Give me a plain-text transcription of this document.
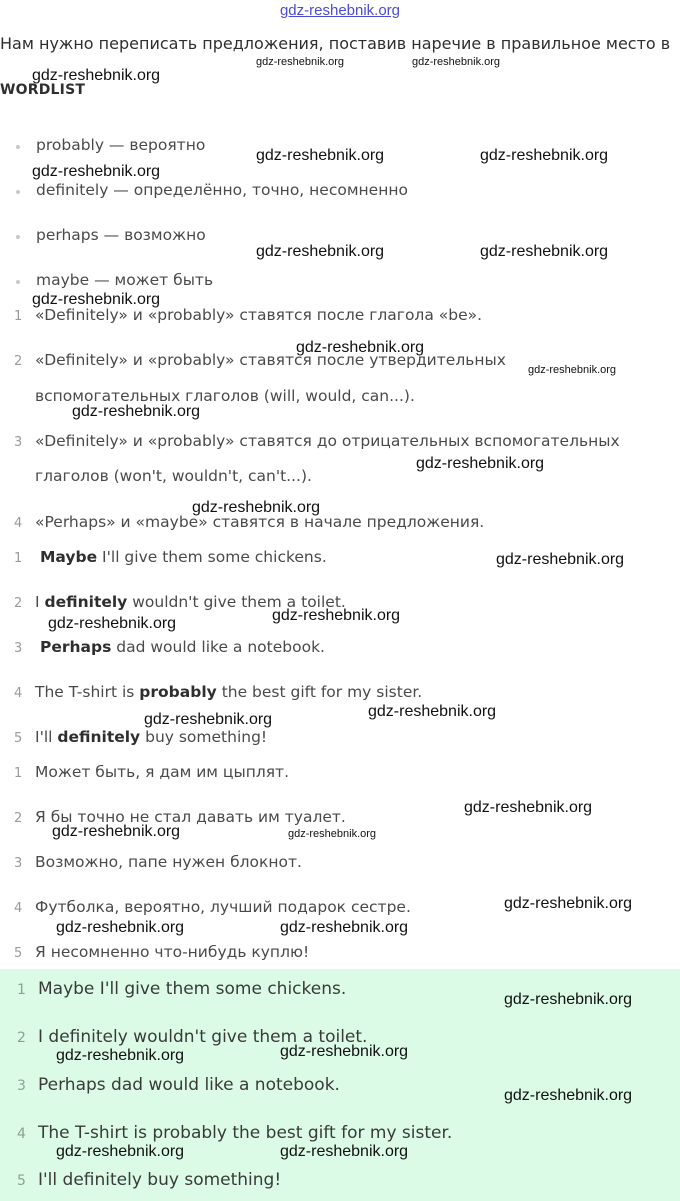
gdz-reshebnik.org
Нам нужно переписать предложения, поставив наречие в правильное место в
WORDLIST
probably — вероятно
definitely — определённо, точно, несомненно
perhaps — возможно
maybe — может быть
1 «Definitely» и «probably» ставятся после глагола «be».
2 «Definitely» и «probably» ставятся после утвердительных
вспомогательных глаголов (will, would, can...).
3 «Definitely» и «probably» ставятся до отрицательных вспомогательных
глаголов (won't, wouldn't, can't...).
4 «Perhaps» и «maybe» ставятся в начале предложения.
1 Maybe I'll give them some chickens.
2 I definitely wouldn't give them a toilet.
3 Perhaps dad would like a notebook.
4 The T-shirt is probably the best gift for my sister.
5 I'll definitely buy something!
1 Может быть, я дам им цыплят.
2 Я бы точно не стал давать им туалет.
3 Возможно, папе нужен блокнот.
4 Футболка, вероятно, лучший подарок сестре.
5 Я несомненно что-нибудь куплю!
1 Maybe I'll give them some chickens.
2 I definitely wouldn't give them a toilet.
3 Perhaps dad would like a notebook.
4 The T-shirt is probably the best gift for my sister.
5 I'll definitely buy something!
gdz-reshebnik.org	gdz-reshebnik.org
gdz-reshebnik.org
gdz-reshebnik.org	gdz-reshebnik.org
gdz-reshebnik.org
gdz-reshebnik.org	gdz-reshebnik.org
gdz-reshebnik.org
gdz-reshebnik.org
gdz-reshebnik.org
gdz-reshebnik.org
gdz-reshebnik.org
gdz-reshebnik.org
gdz-reshebnik.org
gdz-reshebnik.org
gdz-reshebnik.org
gdz-reshebnik.org
gdz-reshebnik.org
gdz-reshebnik.org
gdz-reshebnik.org	gdz-reshebnik.org
gdz-reshebnik.org
gdz-reshebnik.org	gdz-reshebnik.org
gdz-reshebnik.org
gdz-reshebnik.org
gdz-reshebnik.org
gdz-reshebnik.org
gdz-reshebnik.org	gdz-reshebnik.org
